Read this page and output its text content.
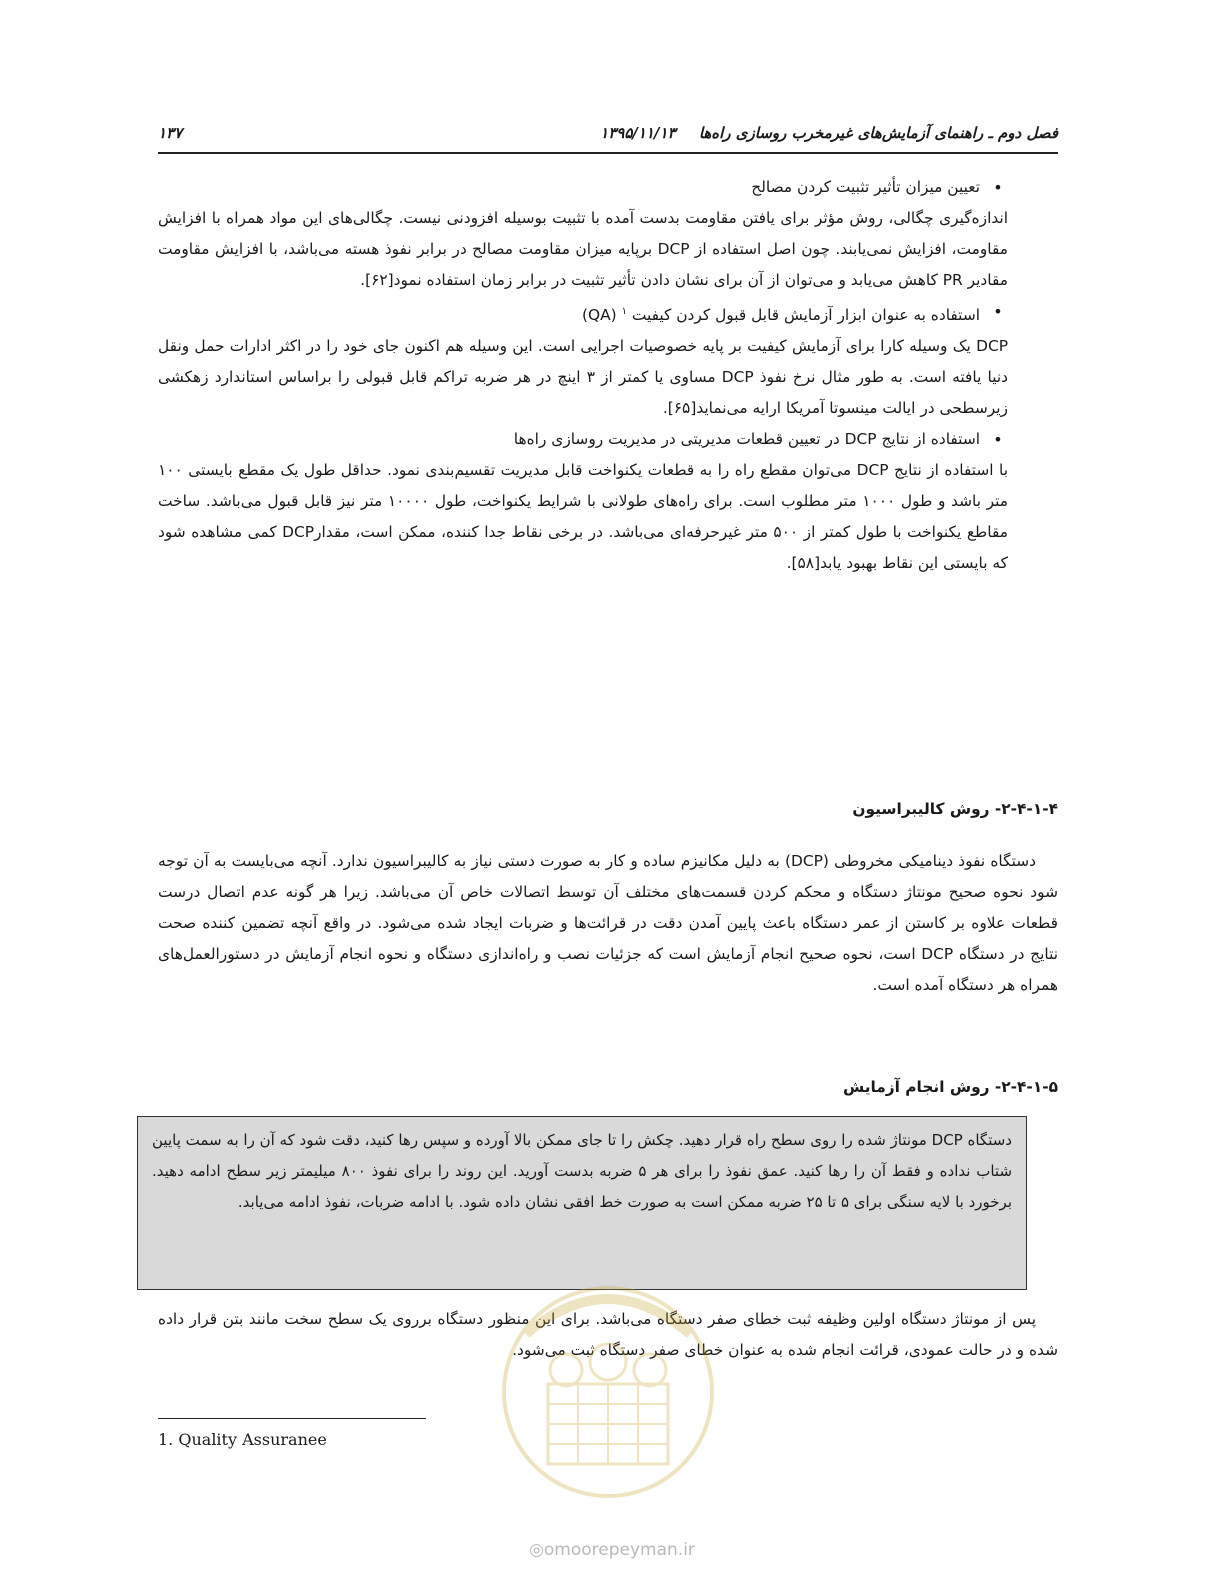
فصل دوم ـ راهنمای آزمایش‌های غیرمخرب روسازی راه‌ها ۱۳۹۵/۱۱/۱۳
۱۳۷

•
تعیین میزان تأثیر تثبیت کردن مصالح

اندازه‌گیری چگالی، روش مؤثر برای یافتن مقاومت بدست آمده با تثبیت بوسیله افزودنی نیست. چگالی‌های این مواد همراه با افزایش مقاومت، افزایش نمی‌یابند. چون اصل استفاده از DCP برپایه میزان مقاومت مصالح در برابر نفوذ هسته می‌باشد، با افزایش مقاومت مقادیر PR کاهش می‌یابد و می‌توان از آن برای نشان دادن تأثیر تثبیت در برابر زمان استفاده نمود[۶۲].

•
استفاده به عنوان ابزار آزمایش قابل قبول کردن کیفیت $^۱$ (QA)

DCP یک وسیله کارا برای آزمایش کیفیت بر پایه خصوصیات اجرایی است. این وسیله هم اکنون جای خود را در اکثر ادارات حمل ونقل دنیا یافته است. به طور مثال نرخ نفوذ DCP مساوی یا کمتر از ۳ اینچ در هر ضربه تراکم قابل قبولی را براساس استاندارد زهکشی زیرسطحی در ایالت مینسوتا آمریکا ارایه می‌نماید[۶۵].

•
استفاده از نتایج DCP در تعیین قطعات مدیریتی در مدیریت روسازی راه‌ها

با استفاده از نتایج DCP می‌توان مقطع راه را به قطعات یکنواخت قابل مدیریت تقسیم‌بندی نمود. حداقل طول یک مقطع بایستی ۱۰۰ متر باشد و طول ۱۰۰۰ متر مطلوب است. برای راه‌های طولانی با شرایط یکنواخت، طول ۱۰۰۰۰ متر نیز قابل قبول می‌باشد. ساخت مقاطع یکنواخت با طول کمتر از ۵۰۰ متر غیرحرفه‌ای می‌باشد. در برخی نقاط جدا کننده، ممکن است، مقدارDCP کمی مشاهده شود که بایستی این نقاط بهبود یابد[۵۸].

۲-۴-۱-۴- روش کالیبراسیون

دستگاه نفوذ دینامیکی مخروطی (DCP) به دلیل مکانیزم ساده و کار به صورت دستی نیاز به کالیبراسیون ندارد. آنچه می‌بایست به آن توجه شود نحوه صحیح مونتاژ دستگاه و محکم کردن قسمت‌های مختلف آن توسط اتصالات خاص آن می‌باشد. زیرا هر گونه عدم اتصال درست قطعات علاوه بر کاستن از عمر دستگاه باعث پایین آمدن دقت در قرائت‌ها و ضربات ایجاد شده می‌شود. در واقع آنچه تضمین کننده صحت نتایج در دستگاه DCP است، نحوه صحیح انجام آزمایش است که جزئیات نصب و راه‌اندازی دستگاه و نحوه انجام آزمایش در دستورالعمل‌های همراه هر دستگاه آمده است.

۲-۴-۱-۵- روش انجام آزمایش
دستگاه DCP مونتاژ شده را روی سطح راه قرار دهید. چکش را تا جای ممکن بالا آورده و سپس رها کنید، دقت شود که آن را به سمت پایین شتاب نداده و فقط آن را رها کنید. عمق نفوذ را برای هر ۵ ضربه بدست آورید. این روند را برای نفوذ ۸۰۰ میلیمتر زیر سطح ادامه دهید. برخورد با لایه سنگی برای ۵ تا ۲۵ ضربه ممکن است به صورت خط افقی نشان داده شود. با ادامه ضربات، نفوذ ادامه می‌یابد.

پس از مونتاژ دستگاه اولین وظیفه ثبت خطای صفر دستگاه می‌باشد. برای این منظور دستگاه برروی یک سطح سخت مانند بتن قرار داده شده و در حالت عمودی، قرائت انجام شده به عنوان خطای صفر دستگاه ثبت می‌شود.

1. Quality Assuranee
◎omoorepeyman.ir
